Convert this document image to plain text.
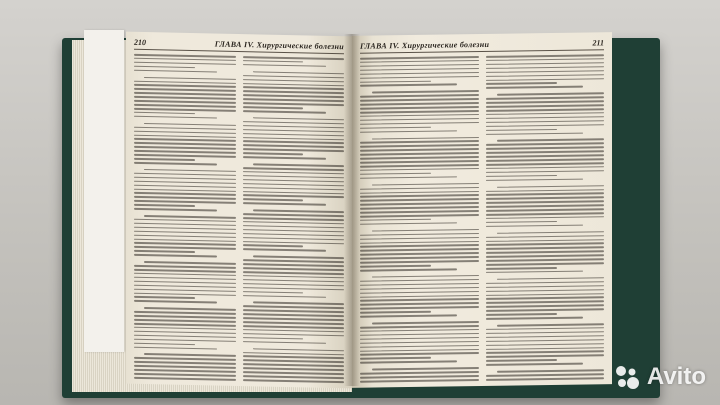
210	ГЛАВА IV. Хирургические болезни ГЛАВА IV. Хирургические болезни	211
Avito
